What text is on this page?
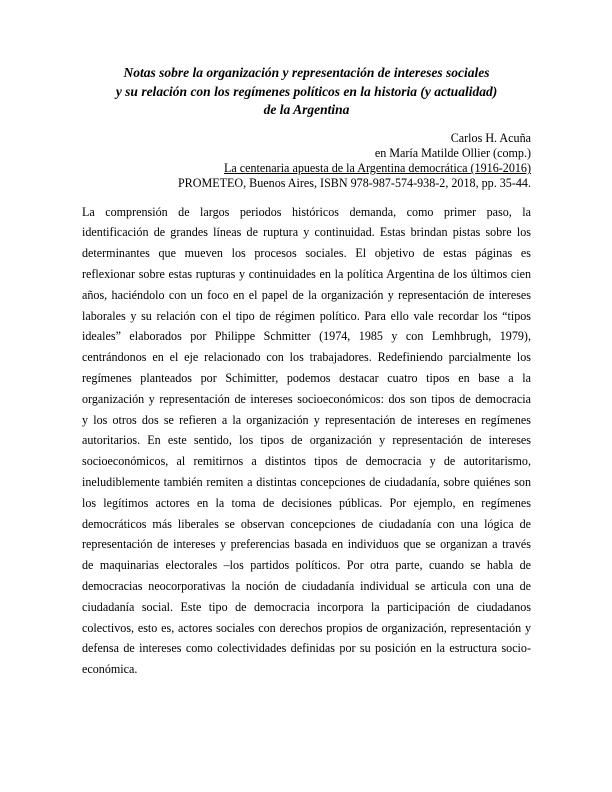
Notas sobre la organización y representación de intereses sociales
y su relación con los regímenes políticos en la historia (y actualidad)
de la Argentina
Carlos H. Acuña
en María Matilde Ollier (comp.)
La centenaria apuesta de la Argentina democrática (1916-2016)
PROMETEO, Buenos Aires, ISBN 978-987-574-938-2, 2018, pp. 35-44.
La comprensión de largos periodos históricos demanda, como primer paso, la
identificación de grandes líneas de ruptura y continuidad. Estas brindan pistas sobre los
determinantes que mueven los procesos sociales. El objetivo de estas páginas es
reflexionar sobre estas rupturas y continuidades en la política Argentina de los últimos cien
años, haciéndolo con un foco en el papel de la organización y representación de intereses
laborales y su relación con el tipo de régimen político. Para ello vale recordar los “tipos
ideales” elaborados por Philippe Schmitter (1974, 1985 y con Lemhbrugh, 1979),
centrándonos en el eje relacionado con los trabajadores. Redefiniendo parcialmente los
regímenes planteados por Schimitter, podemos destacar cuatro tipos en base a la
organización y representación de intereses socioeconómicos: dos son tipos de democracia
y los otros dos se refieren a la organización y representación de intereses en regímenes
autoritarios. En este sentido, los tipos de organización y representación de intereses
socioeconómicos, al remitirnos a distintos tipos de democracia y de autoritarismo,
ineludiblemente también remiten a distintas concepciones de ciudadanía, sobre quiénes son
los legítimos actores en la toma de decisiones públicas. Por ejemplo, en regímenes
democráticos más liberales se observan concepciones de ciudadanía con una lógica de
representación de intereses y preferencias basada en individuos que se organizan a través
de maquinarias electorales –los partidos políticos. Por otra parte, cuando se habla de
democracias neocorporativas la noción de ciudadanía individual se articula con una de
ciudadanía social. Este tipo de democracia incorpora la participación de ciudadanos
colectivos, esto es, actores sociales con derechos propios de organización, representación y
defensa de intereses como colectividades definidas por su posición en la estructura socio-
económica.
